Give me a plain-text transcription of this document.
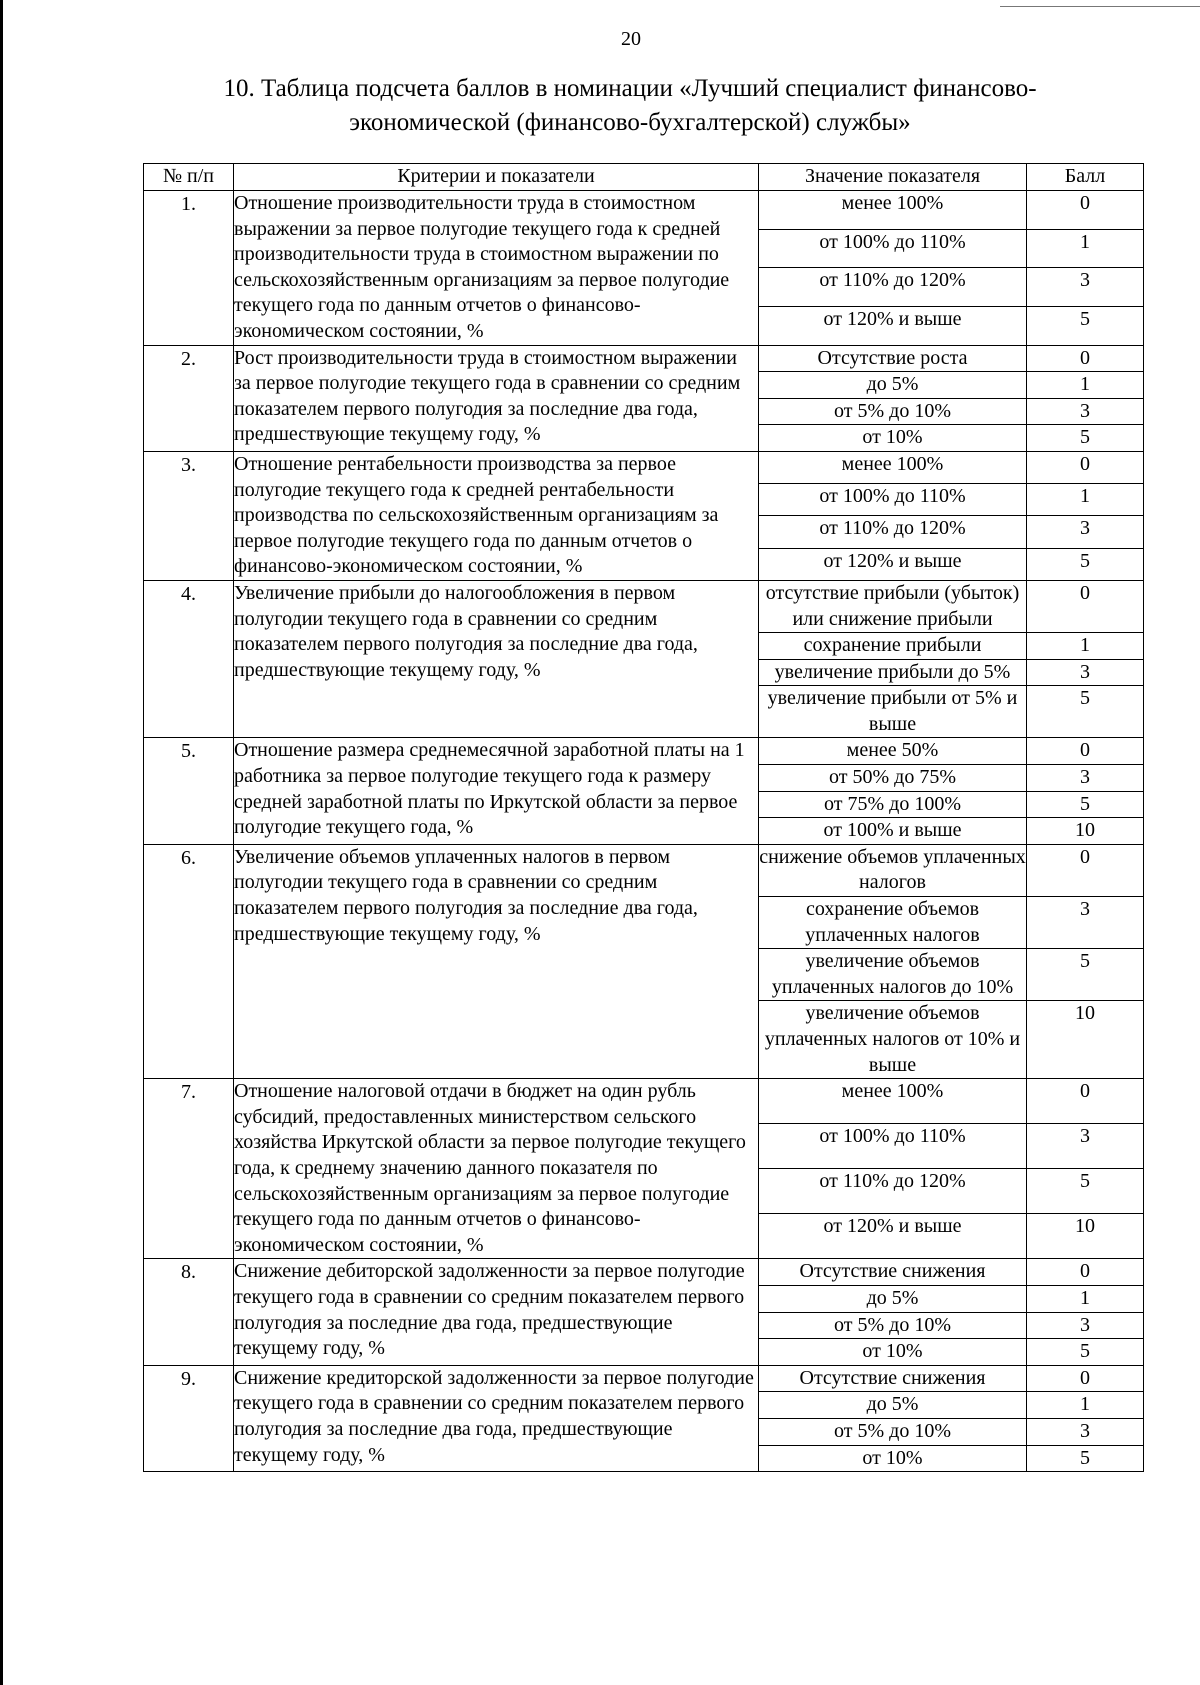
20
10. Таблица подсчета баллов в номинации «Лучший специалист финансово-
экономической (финансово-бухгалтерской) службы»
№ п/п	Критерии и показатели	Значение показателя	Балл
1.	Отношение производительности труда в стоимостном выражении за первое полугодие текущего года к средней производительности труда в стоимостном выражении по сельскохозяйственным организациям за первое полугодие текущего года по данным отчетов о финансово-экономическом состоянии, %	менее 100%	0
		от 100% до 110%	1
		от 110% до 120%	3
		от 120% и выше	5
2.	Рост производительности труда в стоимостном выражении за первое полугодие текущего года в сравнении со средним показателем первого полугодия за последние два года, предшествующие текущему году, %	Отсутствие роста	0
		до 5%	1
		от 5% до 10%	3
		от 10%	5
3.	Отношение рентабельности производства за первое полугодие текущего года к средней рентабельности производства по сельскохозяйственным организациям за первое полугодие текущего года по данным отчетов о финансово-экономическом состоянии, %	менее 100%	0
		от 100% до 110%	1
		от 110% до 120%	3
		от 120% и выше	5
4.	Увеличение прибыли до налогообложения в первом полугодии текущего года в сравнении со средним показателем первого полугодия за последние два года, предшествующие текущему году, %	отсутствие прибыли (убыток) или снижение прибыли	0
		сохранение прибыли	1
		увеличение прибыли до 5%	3
		увеличение прибыли от 5% и выше	5
5.	Отношение размера среднемесячной заработной платы на 1 работника за первое полугодие текущего года к размеру средней заработной платы по Иркутской области за первое полугодие текущего года, %	менее 50%	0
		от 50% до 75%	3
		от 75% до 100%	5
		от 100% и выше	10
6.	Увеличение объемов уплаченных налогов в первом полугодии текущего года в сравнении со средним показателем первого полугодия за последние два года, предшествующие текущему году, %	снижение объемов уплаченных налогов	0
		сохранение объемов уплаченных налогов	3
		увеличение объемов уплаченных налогов до 10%	5
		увеличение объемов уплаченных налогов от 10% и выше	10
7.	Отношение налоговой отдачи в бюджет на один рубль субсидий, предоставленных министерством сельского хозяйства Иркутской области за первое полугодие текущего года, к среднему значению данного показателя по сельскохозяйственным организациям за первое полугодие текущего года по данным отчетов о финансово-экономическом состоянии, %	менее 100%	0
		от 100% до 110%	3
		от 110% до 120%	5
		от 120% и выше	10
8.	Снижение дебиторской задолженности за первое полугодие текущего года в сравнении со средним показателем первого полугодия за последние два года, предшествующие текущему году, %	Отсутствие снижения	0
		до 5%	1
		от 5% до 10%	3
		от 10%	5
9.	Снижение кредиторской задолженности за первое полугодие текущего года в сравнении со средним показателем первого полугодия за последние два года, предшествующие текущему году, %	Отсутствие снижения	0
		до 5%	1
		от 5% до 10%	3
		от 10%	5
